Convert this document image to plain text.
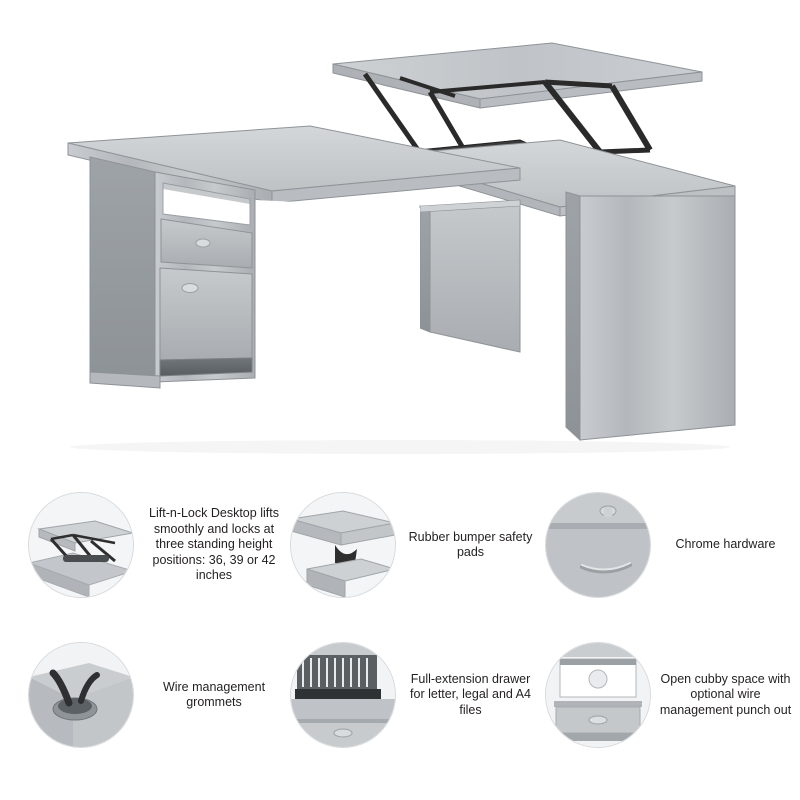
Lift-n-Lock Desktop lifts smoothly and locks at three standing height positions: 36, 39 or 42 inches
Rubber bumper safety pads
Chrome hardware
Wire management grommets
Full-extension drawer for letter, legal and A4 files
Open cubby space with optional wire management punch out
